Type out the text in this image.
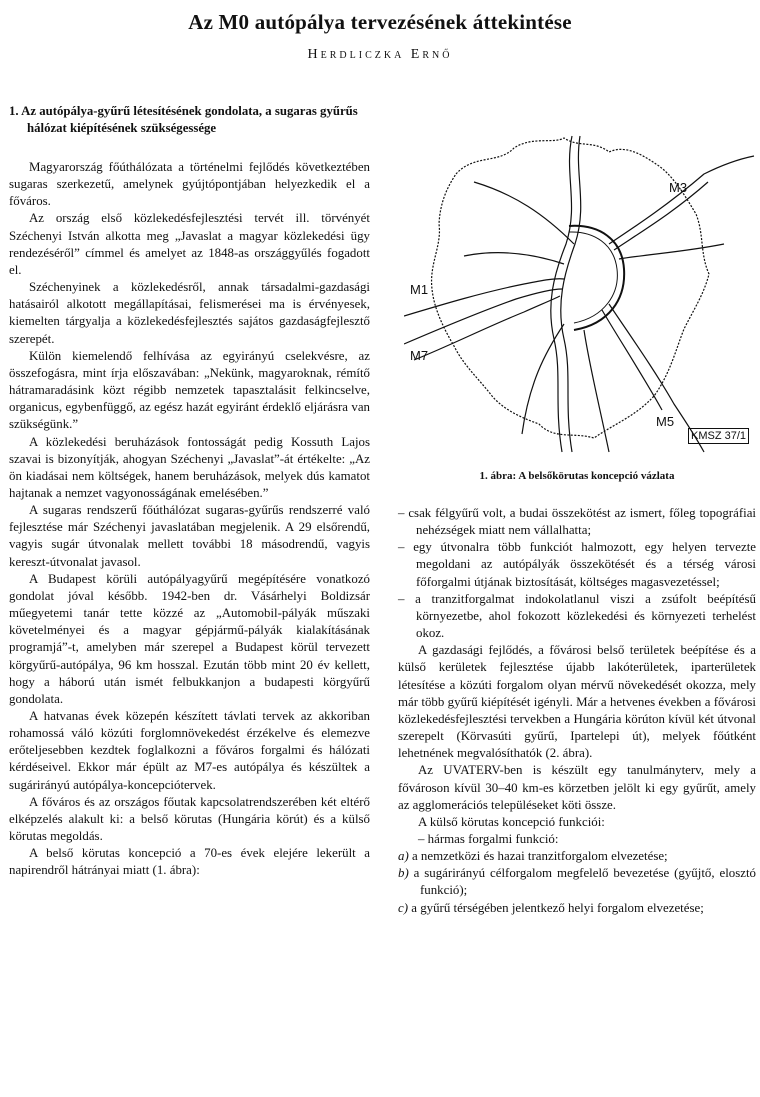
Az M0 autópálya tervezésének áttekintése
Herdliczka Ernő
1. Az autópálya-gyűrű létesítésének gondolata, a sugaras gyűrűs hálózat kiépítésének szükségessége

Magyarország főúthálózata a történelmi fejlődés következtében sugaras szerkezetű, amelynek gyújtópontjában helyezkedik el a főváros.

Az ország első közlekedésfejlesztési tervét ill. törvényét Széchenyi István alkotta meg „Javaslat a magyar közlekedési ügy rendezéséről” címmel és amelyet az 1848-as országgyűlés fogadott el.

Széchenyinek a közlekedésről, annak társadalmi-gazdasági hatásairól alkotott megállapításai, felismerései ma is érvényesek, kiemelten tárgyalja a közlekedésfejlesztés sajátos gazdaságfejlesztő szerepét.

Külön kiemelendő felhívása az egyirányú cselekvésre, az összefogásra, mint írja előszavában: „Nekünk, magyaroknak, rémítő hátramaradásink közt régibb nemzetek tapasztalásit felkincselve, organicus, egybenfüggő, az egész hazát egyiránt érdeklő eljárásra van szükségünk.”

A közlekedési beruházások fontosságát pedig Kossuth Lajos szavai is bizonyítják, ahogyan Széchenyi „Javaslat”-át értékelte: „Az ön kiadásai nem költségek, hanem beruházások, melyek dús kamatot hajtanak a nemzet vagyonosságának emelésében.”

A sugaras rendszerű főúthálózat sugaras-gyűrűs rendszerré való fejlesztése már Széchenyi javaslatában megjelenik. A 29 elsőrendű, vagyis sugár útvonalak mellett további 18 másodrendű, vagyis kereszt-útvonalat javasol.

A Budapest körüli autópályagyűrű megépítésére vonatkozó gondolat jóval később. 1942-ben dr. Vásárhelyi Boldizsár műegyetemi tanár tette közzé az „Automobil-pályák műszaki követelményei és a magyar gépjármű-pályák kialakításának programjá”-t, amelyben már szerepel a Budapest körül tervezett körgyűrű-autópálya, 96 km hosszal. Ezután több mint 20 év kellett, hogy a háború után ismét felbukkanjon a budapesti körgyűrű gondolata.

A hatvanas évek közepén készített távlati tervek az akkoriban rohamossá váló közúti forglomnövekedést érzékelve és elemezve erőteljesebben kezdtek foglalkozni a főváros forgalmi és hálózati kérdéseivel. Ekkor már épült az M7-es autópálya és készültek a sugárirányú autópálya-koncepciótervek.

A főváros és az országos főutak kapcsolatrendszerében két eltérő elképzelés alakult ki: a belső körutas (Hungária körút) és a külső körutas megoldás.

A belső körutas koncepció a 70-es évek elejére lekerült a napirendről hátrányai miatt (1. ábra):

M3
M1
M7
M5
KMSZ 37/1
1. ábra: A belsőkörutas koncepció vázlata

– csak félgyűrű volt, a budai összekötést az ismert, főleg topográfiai nehézségek miatt nem vállalhatta;

– egy útvonalra több funkciót halmozott, egy helyen tervezte megoldani az autópályák összekötését és a térség városi főforgalmi útjának biztosítását, költséges magasvezetéssel;

– a tranzitforgalmat indokolatlanul viszi a zsúfolt beépítésű környezetbe, ahol fokozott közlekedési és környezeti terhelést okoz.

A gazdasági fejlődés, a fővárosi belső területek beépítése és a külső kerületek fejlesztése újabb lakóterületek, iparterületek létesítése a közúti forgalom olyan mérvű növekedését okozza, mely már több gyűrű kiépítését igényli. Már a hetvenes években a fővárosi közlekedésfejlesztési tervekben a Hungária körúton kívül két útvonal szerepelt (Körvasúti gyűrű, Ipartelepi út), melyek főútként lehetnének megvalósíthatók (2. ábra).

Az UVATERV-ben is készült egy tanulmányterv, mely a fővároson kívül 30–40 km-es körzetben jelölt ki egy gyűrűt, amely az agglomerációs településeket köti össze.

A külső körutas koncepció funkciói:

– hármas forgalmi funkció:

a) a nemzetközi és hazai tranzitforgalom elvezetése;

b) a sugárirányú célforgalom megfelelő bevezetése (gyűjtő, elosztó funkció);

c) a gyűrű térségében jelentkező helyi forgalom elvezetése;
